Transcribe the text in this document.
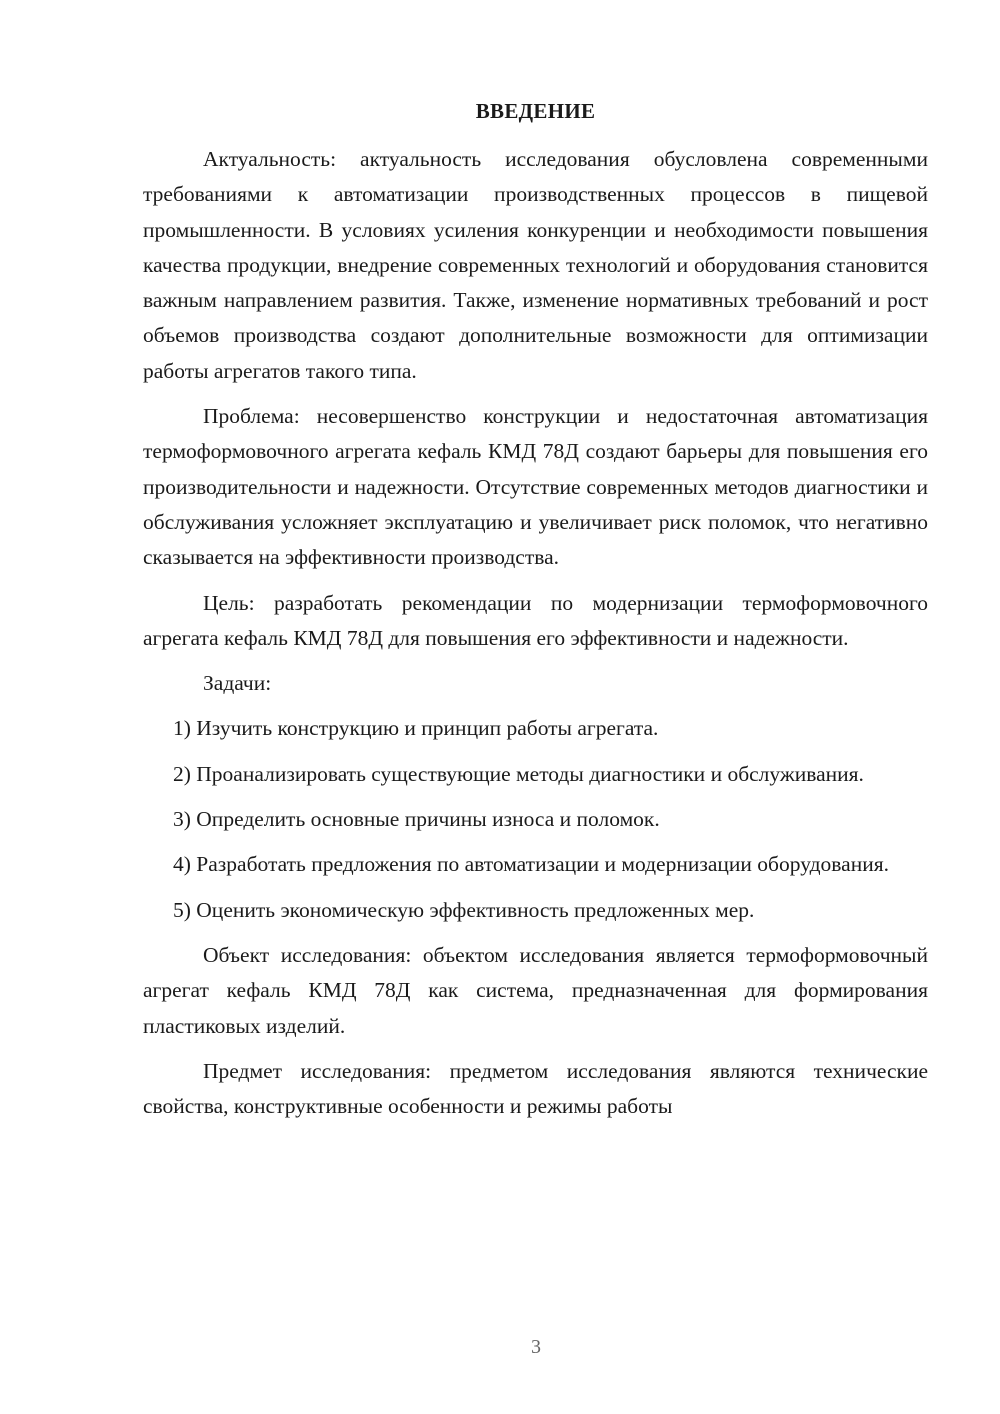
ВВЕДЕНИЕ

Актуальность: актуальность исследования обусловлена современными требованиями к автоматизации производственных процессов в пищевой промышленности. В условиях усиления конкуренции и необходимости повышения качества продукции, внедрение современных технологий и оборудования становится важным направлением развития. Также, изменение нормативных требований и рост объемов производства создают дополнительные возможности для оптимизации работы агрегатов такого типа.

Проблема: несовершенство конструкции и недостаточная автоматизация термоформовочного агрегата кефаль КМД 78Д создают барьеры для повышения его производительности и надежности. Отсутствие современных методов диагностики и обслуживания усложняет эксплуатацию и увеличивает риск поломок, что негативно сказывается на эффективности производства.

Цель: разработать рекомендации по модернизации термоформовочного агрегата кефаль КМД 78Д для повышения его эффективности и надежности.

Задачи:

1) Изучить конструкцию и принцип работы агрегата.

2) Проанализировать существующие методы диагностики и обслуживания.

3) Определить основные причины износа и поломок.

4) Разработать предложения по автоматизации и модернизации оборудования.

5) Оценить экономическую эффективность предложенных мер.

Объект исследования: объектом исследования является термоформовочный агрегат кефаль КМД 78Д как система, предназначенная для формирования пластиковых изделий.

Предмет исследования: предметом исследования являются технические свойства, конструктивные особенности и режимы работы

3
